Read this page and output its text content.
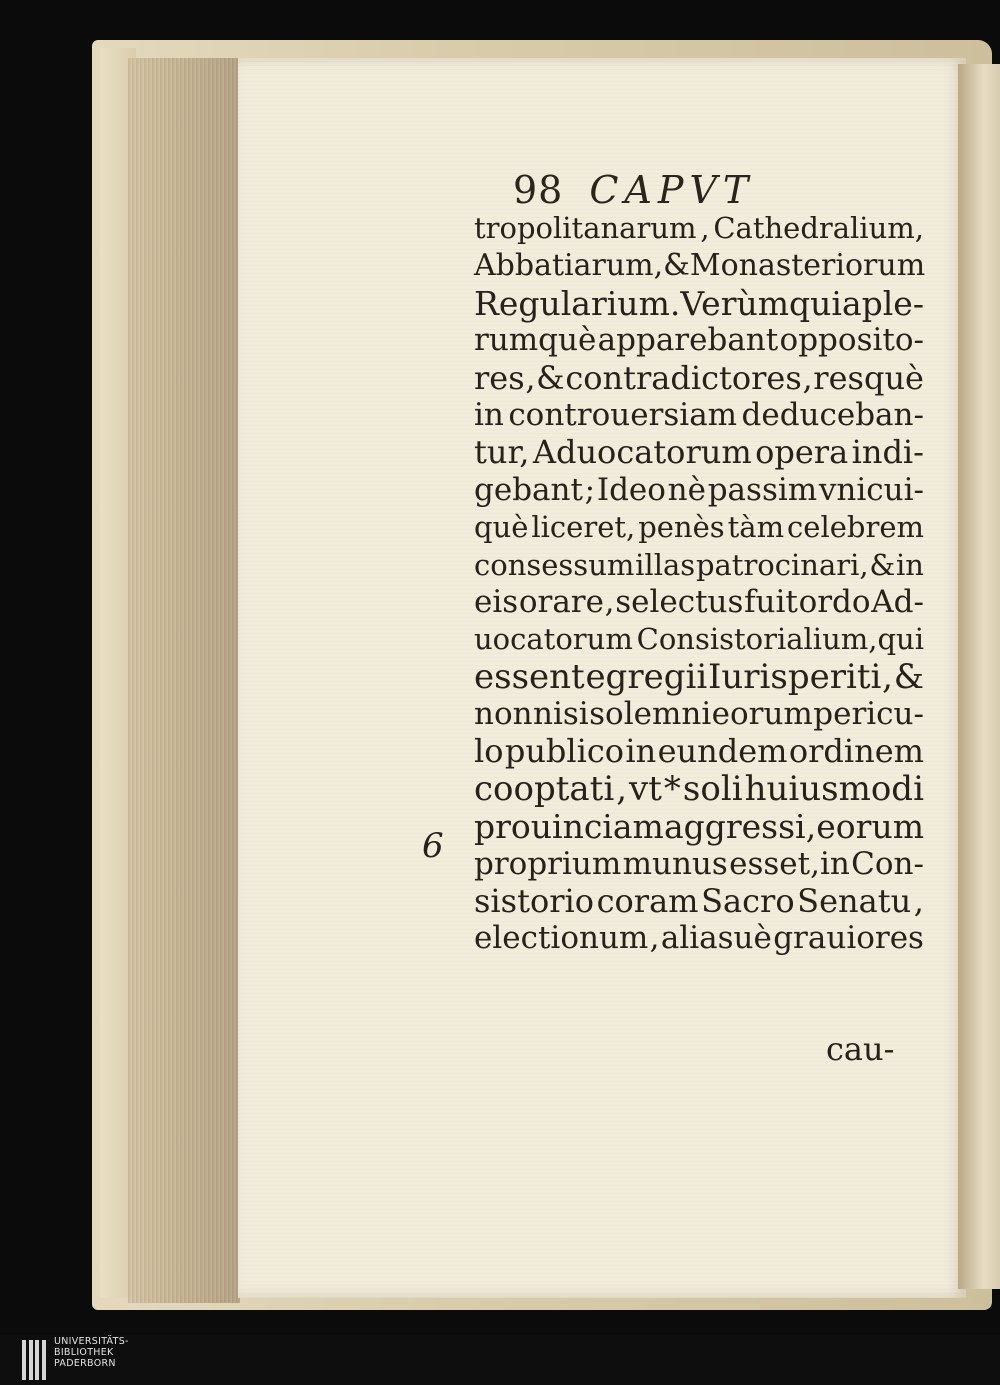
98 CAPVT
tropolitanarum , Cathedralium,
Abbatiarum, & Monasteriorum
Regularium . Verùm quia ple-
rumquè apparebant opposito-
res , & contradictores , resquè
in controuersiam deduceban-
tur, Aduocatorum opera indi-
gebant ; Ideo nè passim vnicui-
què liceret, penès tàm celebrem
consessum illas patrocinari, & in
eis orare , selectus fuit ordo Ad-
uocatorum Consistorialium,qui
essent egregii Iurisperiti , &
non nisi solemni eorum pericu-
lo publico in eundem ordinem
cooptati , vt * soli huiusmodi
prouinciam aggressi , eorum
proprium munus esset,in Con-
sistorio coram Sacro Senatu ,
electionum , aliasuè grauiores
6
cau-
UNIVERSITÄTS-
BIBLIOTHEK
PADERBORN
